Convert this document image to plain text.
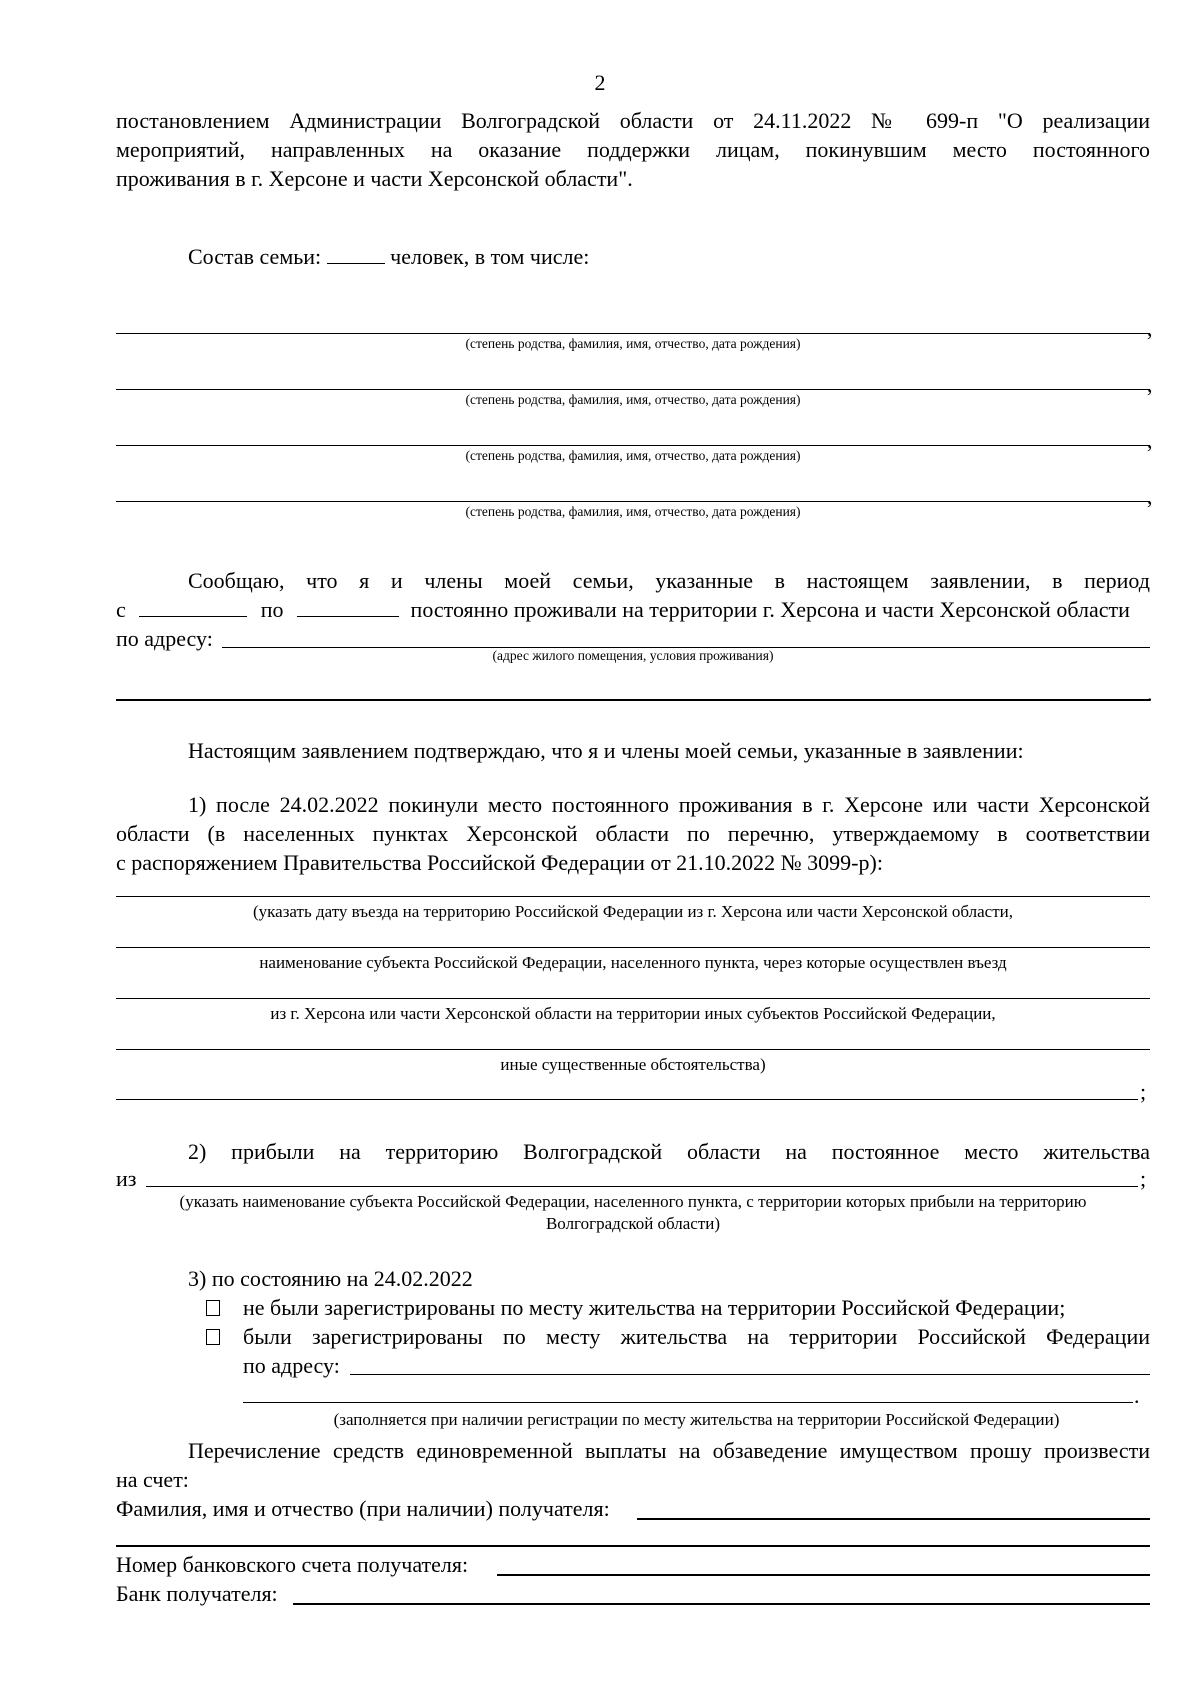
2
постановлением Администрации Волгоградской области от 24.11.2022 № 699-п "О реализации
мероприятий, направленных на оказание поддержки лицам, покинувшим место постоянного
проживания в г. Херсоне и части Херсонской области".
Состав семьи:	человек, в том числе:
,
(степень родства, фамилия, имя, отчество, дата рождения)
,
(степень родства, фамилия, имя, отчество, дата рождения)
,
(степень родства, фамилия, имя, отчество, дата рождения)
,
(степень родства, фамилия, имя, отчество, дата рождения)
Сообщаю, что я и члены моей семьи, указанные в настоящем заявлении, в период
с	по	постоянно проживали на территории г. Херсона и части Херсонской области
по адресу:
(адрес жилого помещения, условия проживания)
.
Настоящим заявлением подтверждаю, что я и члены моей семьи, указанные в заявлении:
1) после 24.02.2022 покинули место постоянного проживания в г. Херсоне или части Херсонской
области (в населенных пунктах Херсонской области по перечню, утверждаемому в соответствии
с распоряжением Правительства Российской Федерации от 21.10.2022 № 3099-р):
(указать дату въезда на территорию Российской Федерации из г. Херсона или части Херсонской области,
наименование субъекта Российской Федерации, населенного пункта, через которые осуществлен въезд
из г. Херсона или части Херсонской области на территории иных субъектов Российской Федерации,
иные существенные обстоятельства)
;
2) прибыли на территорию Волгоградской области на постоянное место жительства
из	;
(указать наименование субъекта Российской Федерации, населенного пункта, с территории которых прибыли на территорию
Волгоградской области)
3) по состоянию на 24.02.2022
не были зарегистрированы по месту жительства на территории Российской Федерации;
были зарегистрированы по месту жительства на территории Российской Федерации
по адресу:
.
(заполняется при наличии регистрации по месту жительства на территории Российской Федерации)
Перечисление средств единовременной выплаты на обзаведение имуществом прошу произвести
на счет:
Фамилия, имя и отчество (при наличии) получателя:
Номер банковского счета получателя:
Банк получателя:
